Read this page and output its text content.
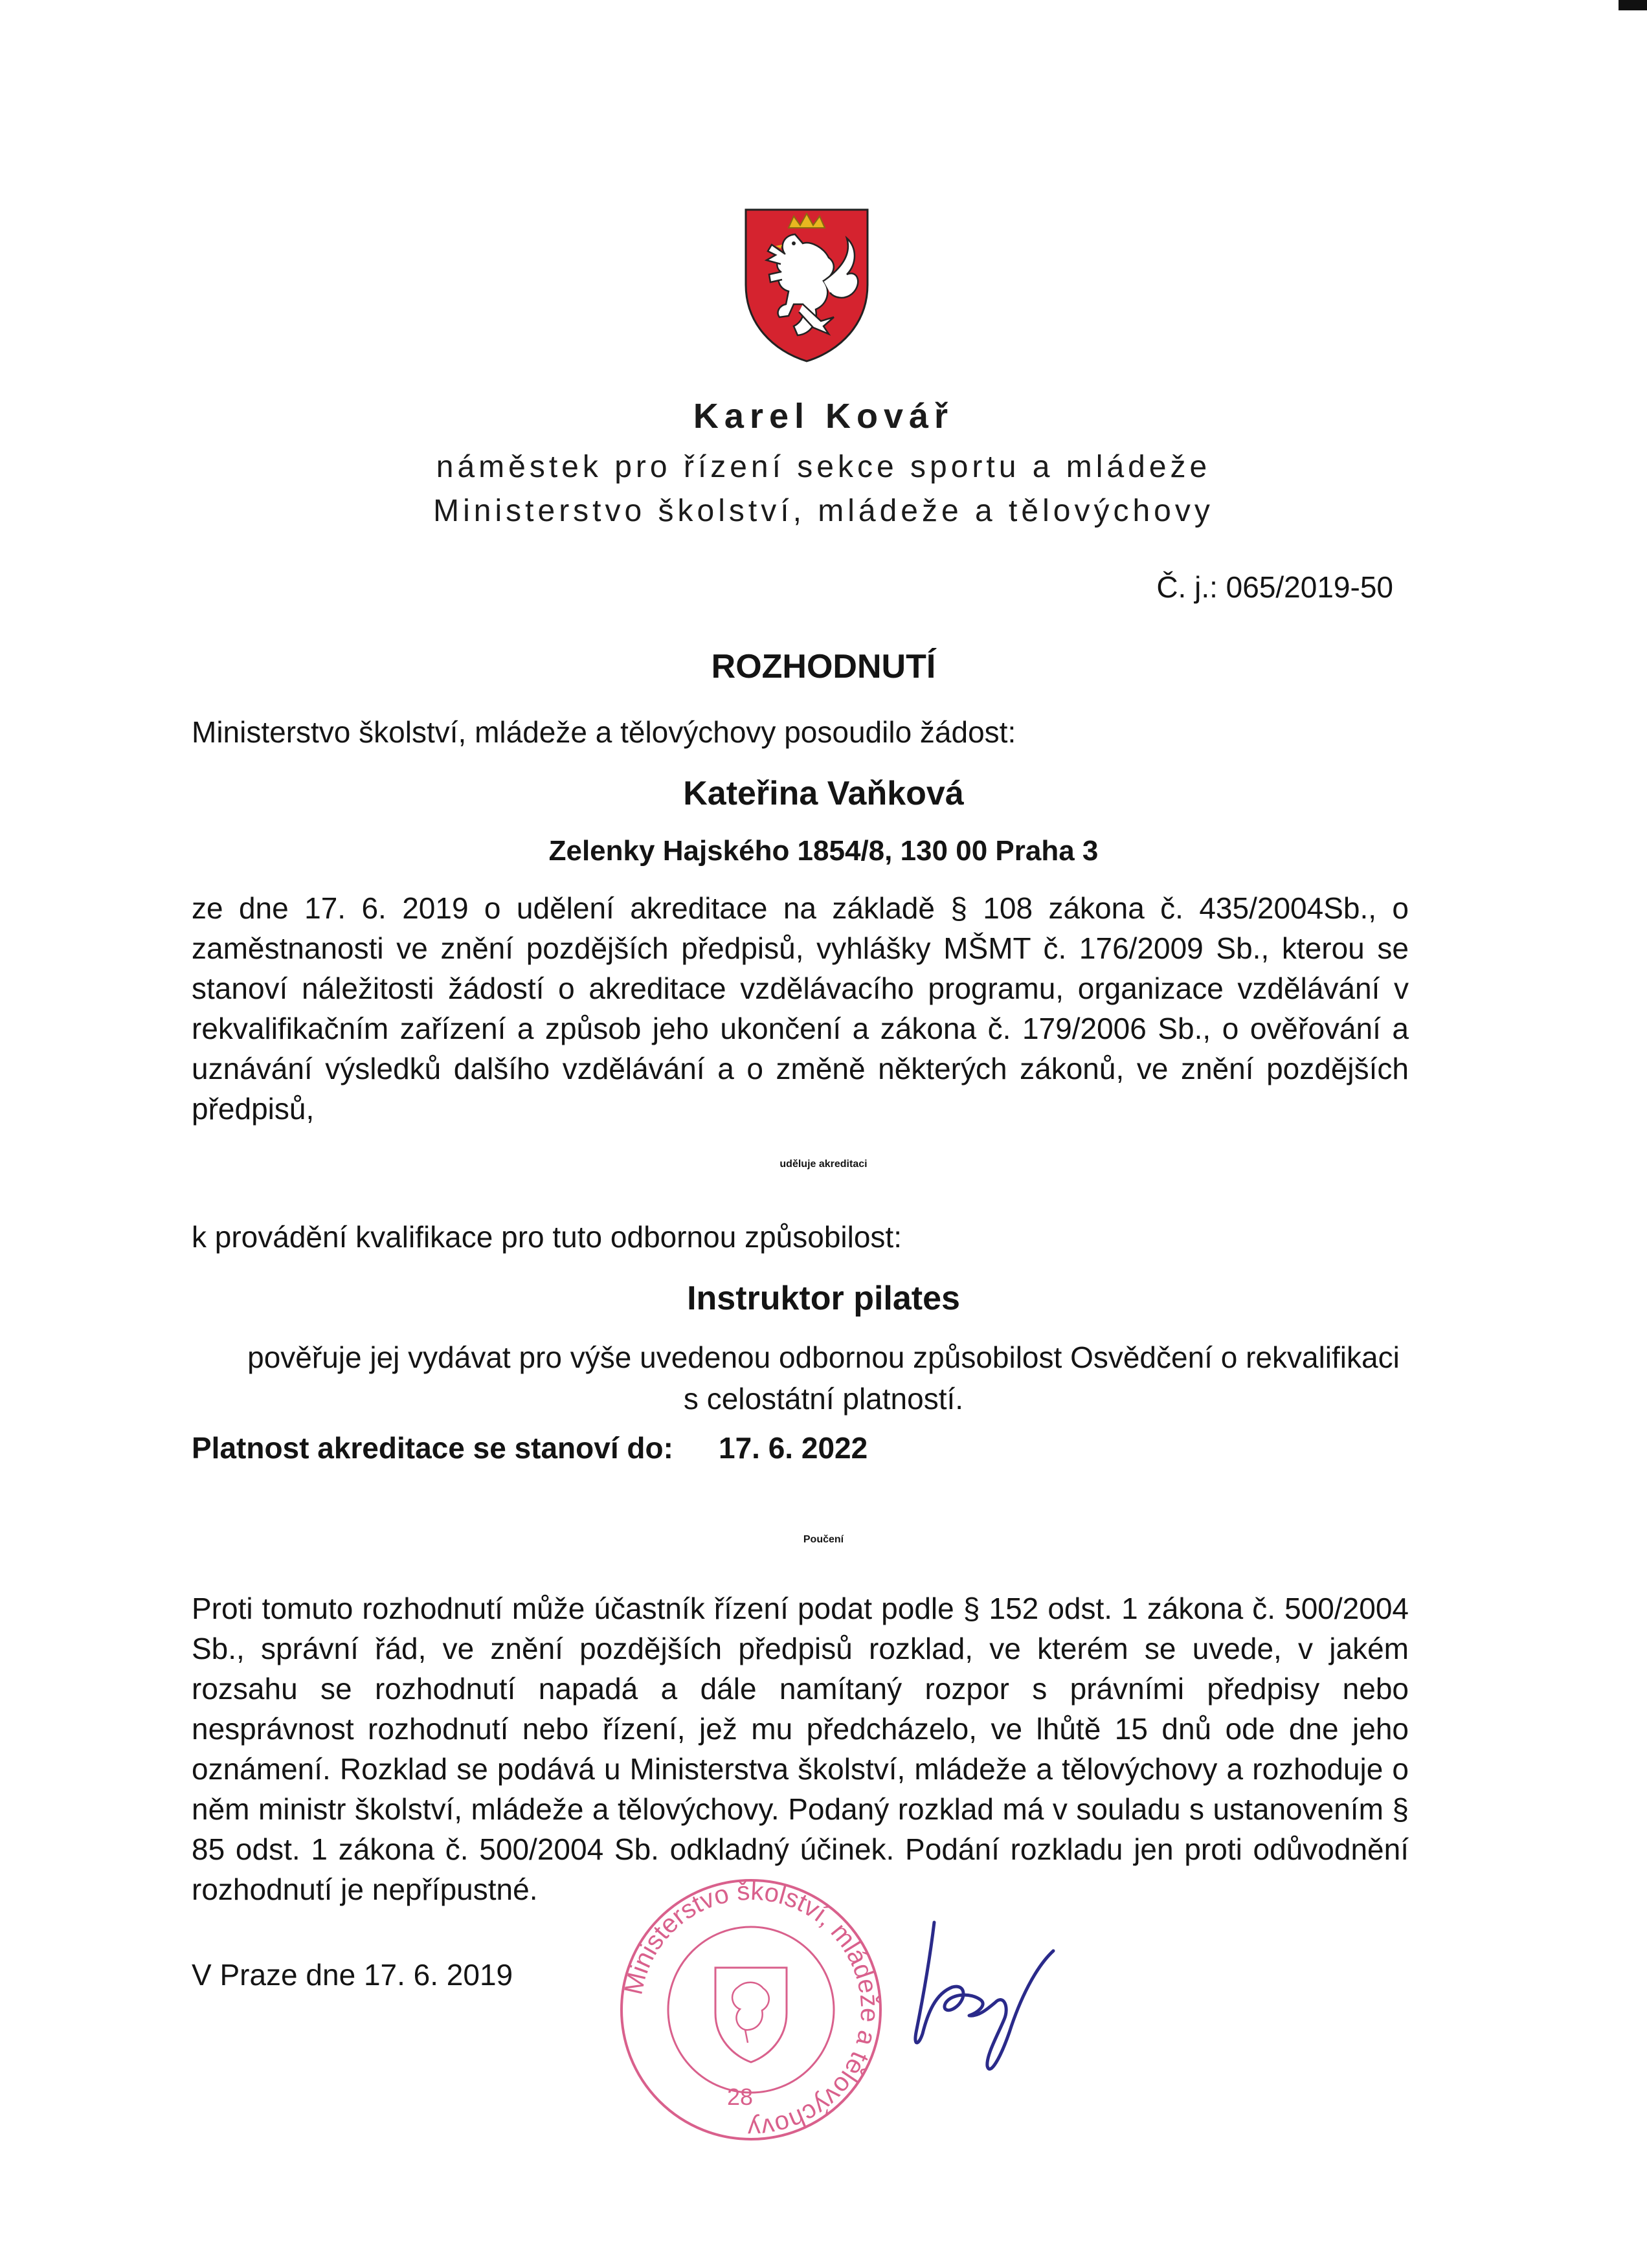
Karel Kovář
náměstek pro řízení sekce sportu a mládeže
Ministerstvo školství, mládeže a tělovýchovy
Č. j.: 065/2019-50
ROZHODNUTÍ
Ministerstvo školství, mládeže a tělovýchovy posoudilo žádost:
Kateřina Vaňková
Zelenky Hajského 1854/8, 130 00 Praha 3
ze dne 17. 6. 2019 o udělení akreditace na základě § 108 zákona č. 435/2004Sb., o zaměstnanosti ve znění pozdějších předpisů, vyhlášky MŠMT č. 176/2009 Sb., kterou se stanoví náležitosti žádostí o akreditace vzdělávacího programu, organizace vzdělávání v rekvalifikačním zařízení a způsob jeho ukončení a zákona č. 179/2006 Sb., o ověřování a uznávání výsledků dalšího vzdělávání a o změně některých zákonů, ve znění pozdějších předpisů,
uděluje akreditaci
k provádění kvalifikace pro tuto odbornou způsobilost:
Instruktor pilates
pověřuje jej vydávat pro výše uvedenou odbornou způsobilost Osvědčení o rekvalifikaci
s celostátní platností.
Platnost akreditace se stanoví do: 17. 6. 2022
Poučení
Proti tomuto rozhodnutí může účastník řízení podat podle § 152 odst. 1 zákona č. 500/2004 Sb., správní řád, ve znění pozdějších předpisů rozklad, ve kterém se uvede, v jakém rozsahu se rozhodnutí napadá a dále namítaný rozpor s právními předpisy nebo nesprávnost rozhodnutí nebo řízení, jež mu předcházelo, ve lhůtě 15 dnů ode dne jeho oznámení. Rozklad se podává u Ministerstva školství, mládeže a tělovýchovy a rozhoduje o něm ministr školství, mládeže a tělovýchovy. Podaný rozklad má v souladu s ustanovením § 85 odst. 1 zákona č. 500/2004 Sb. odkladný účinek. Podání rozkladu jen proti odůvodnění rozhodnutí je nepřípustné.
V Praze dne 17. 6. 2019	Ministerstvo školství, mládeže a tělovýchovy
28
